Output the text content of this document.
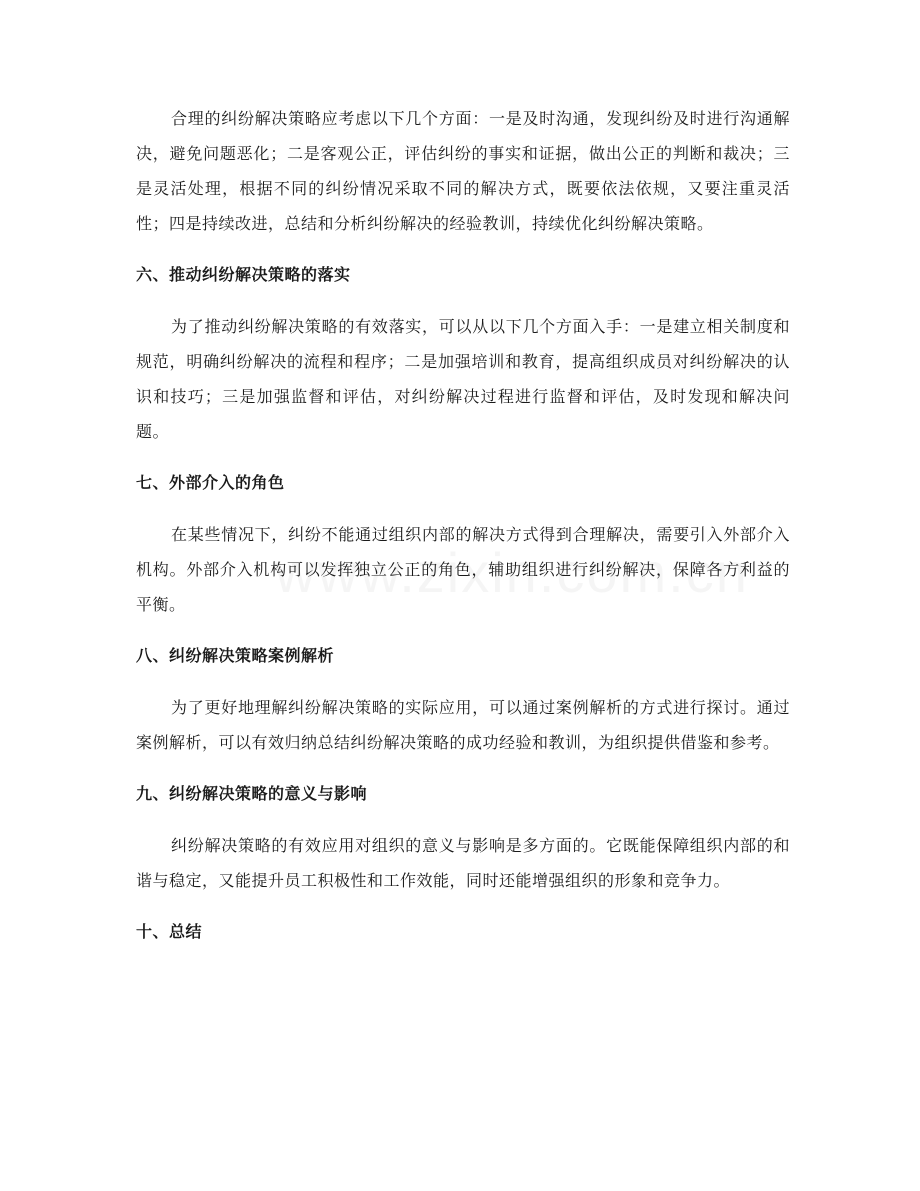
合理的纠纷解决策略应考虑以下几个方面：一是及时沟通，发现纠纷及时进行沟通解决，避免问题恶化；二是客观公正，评估纠纷的事实和证据，做出公正的判断和裁决；三是灵活处理，根据不同的纠纷情况采取不同的解决方式，既要依法依规，又要注重灵活性；四是持续改进，总结和分析纠纷解决的经验教训，持续优化纠纷解决策略。

六、推动纠纷解决策略的落实

为了推动纠纷解决策略的有效落实，可以从以下几个方面入手：一是建立相关制度和规范，明确纠纷解决的流程和程序；二是加强培训和教育，提高组织成员对纠纷解决的认识和技巧；三是加强监督和评估，对纠纷解决过程进行监督和评估，及时发现和解决问题。

七、外部介入的角色

在某些情况下，纠纷不能通过组织内部的解决方式得到合理解决，需要引入外部介入机构。外部介入机构可以发挥独立公正的角色，辅助组织进行纠纷解决，保障各方利益的平衡。

八、纠纷解决策略案例解析

为了更好地理解纠纷解决策略的实际应用，可以通过案例解析的方式进行探讨。通过案例解析，可以有效归纳总结纠纷解决策略的成功经验和教训，为组织提供借鉴和参考。

九、纠纷解决策略的意义与影响

纠纷解决策略的有效应用对组织的意义与影响是多方面的。它既能保障组织内部的和谐与稳定，又能提升员工积极性和工作效能，同时还能增强组织的形象和竞争力。

十、总结
